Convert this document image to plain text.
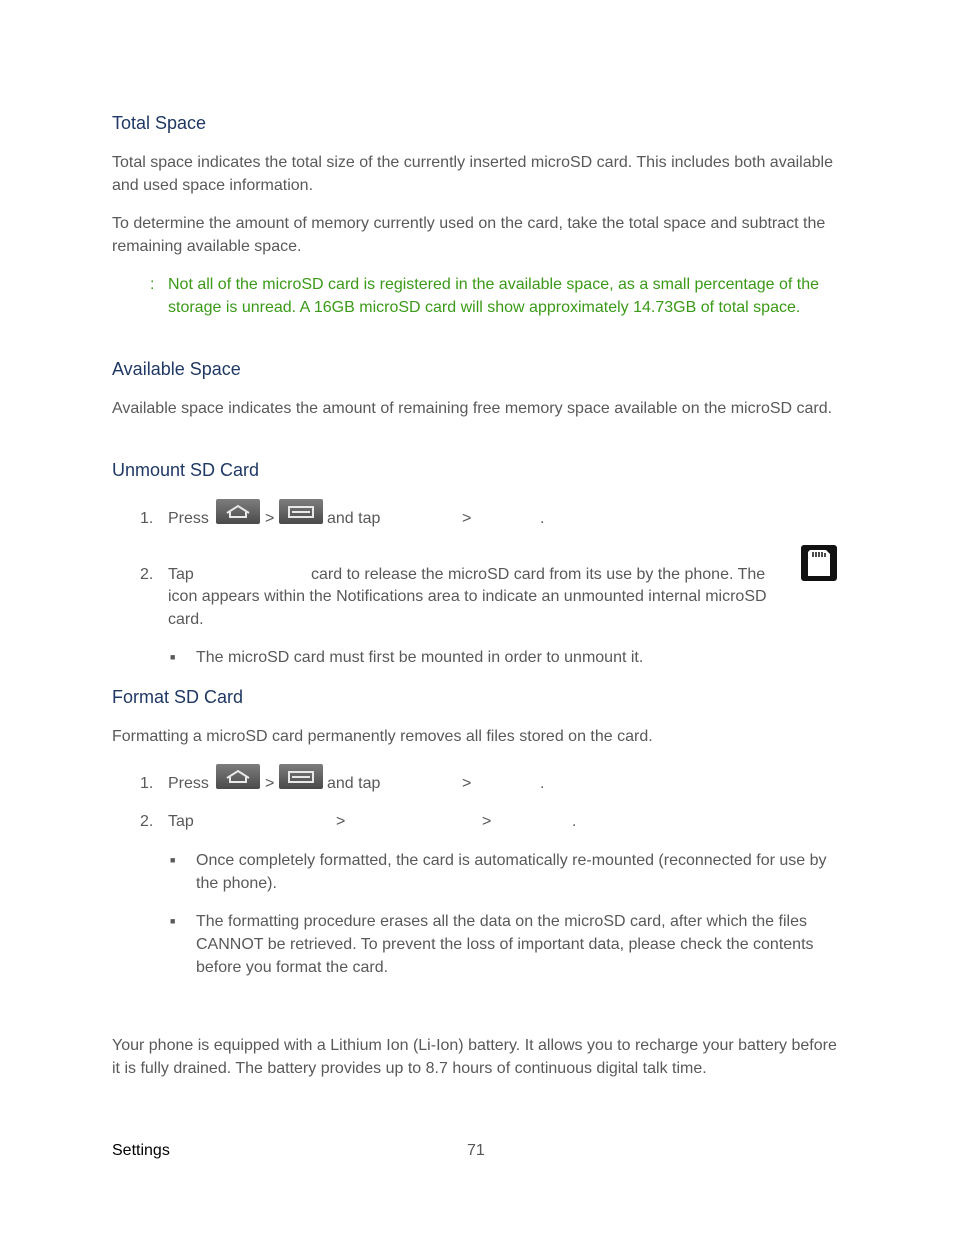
Total Space
Total space indicates the total size of the currently inserted microSD card. This includes both available and used space information.
To determine the amount of memory currently used on the card, take the total space and subtract the remaining available space.
: Not all of the microSD card is registered in the available space, as a small percentage of the storage is unread. A 16GB microSD card will show approximately 14.73GB of total space.
Available Space
Available space indicates the amount of remaining free memory space available on the microSD card.
Unmount SD Card
1. Press	>	and tap	>	.
2. Tap	card to release the microSD card from its use by the phone. The
icon appears within the Notifications area to indicate an unmounted internal microSD
card.
■	The microSD card must first be mounted in order to unmount it.
Format SD Card
Formatting a microSD card permanently removes all files stored on the card.
1. Press	>	and tap	>	.
2. Tap	>	>	.
■	Once completely formatted, the card is automatically re-mounted (reconnected for use by the phone).
■	The formatting procedure erases all the data on the microSD card, after which the files CANNOT be retrieved. To prevent the loss of important data, please check the contents before you format the card.
Your phone is equipped with a Lithium Ion (Li-Ion) battery. It allows you to recharge your battery before it is fully drained. The battery provides up to 8.7 hours of continuous digital talk time.
Settings	71
